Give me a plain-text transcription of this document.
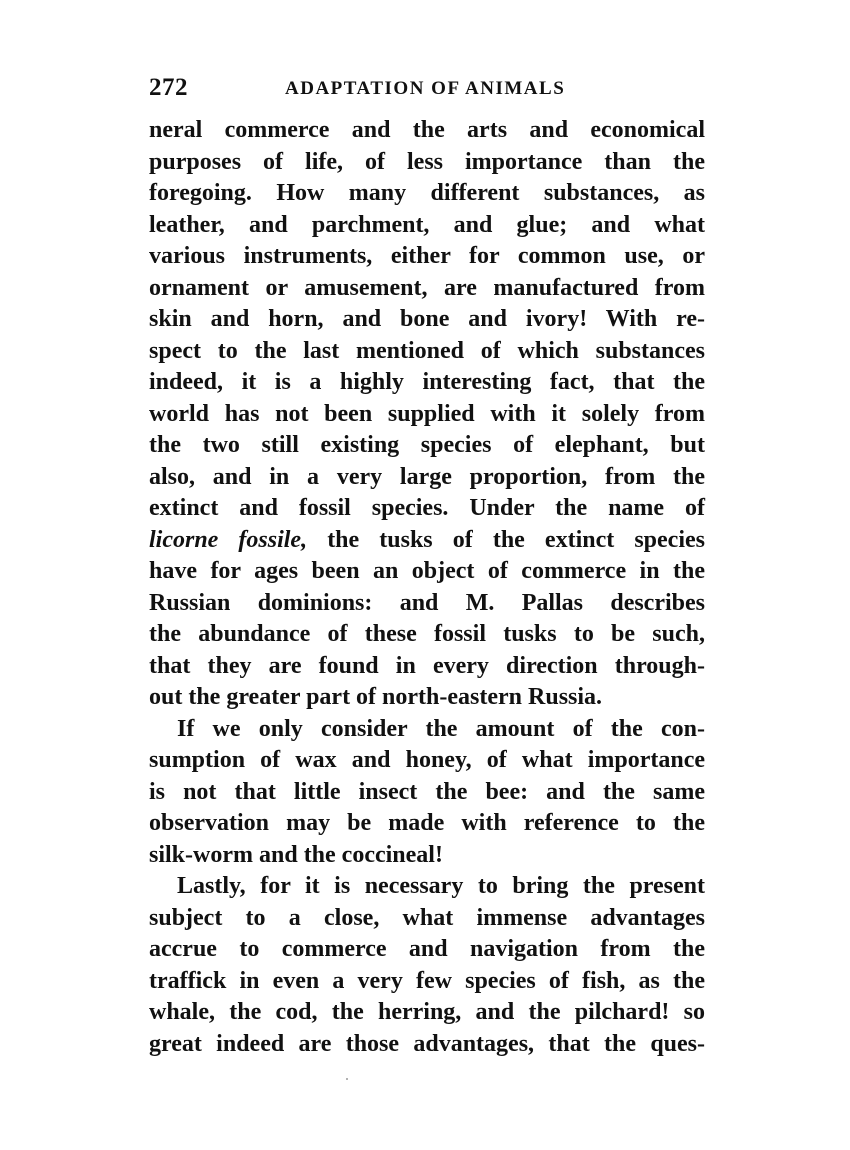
272	ADAPTATION OF ANIMALS
neral commerce and the arts and economical
purposes of life, of less importance than the
foregoing. How many different substances, as
leather, and parchment, and glue; and what
various instruments, either for common use, or
ornament or amusement, are manufactured from
skin and horn, and bone and ivory! With re-
spect to the last mentioned of which substances
indeed, it is a highly interesting fact, that the
world has not been supplied with it solely from
the two still existing species of elephant, but
also, and in a very large proportion, from the
extinct and fossil species. Under the name of
licorne fossile, the tusks of the extinct species
have for ages been an object of commerce in the
Russian dominions: and M. Pallas describes
the abundance of these fossil tusks to be such,
that they are found in every direction through-
out the greater part of north-eastern Russia.
If we only consider the amount of the con-
sumption of wax and honey, of what importance
is not that little insect the bee: and the same
observation may be made with reference to the
silk-worm and the coccineal!
Lastly, for it is necessary to bring the present
subject to a close, what immense advantages
accrue to commerce and navigation from the
traffick in even a very few species of fish, as the
whale, the cod, the herring, and the pilchard! so
great indeed are those advantages, that the ques-
